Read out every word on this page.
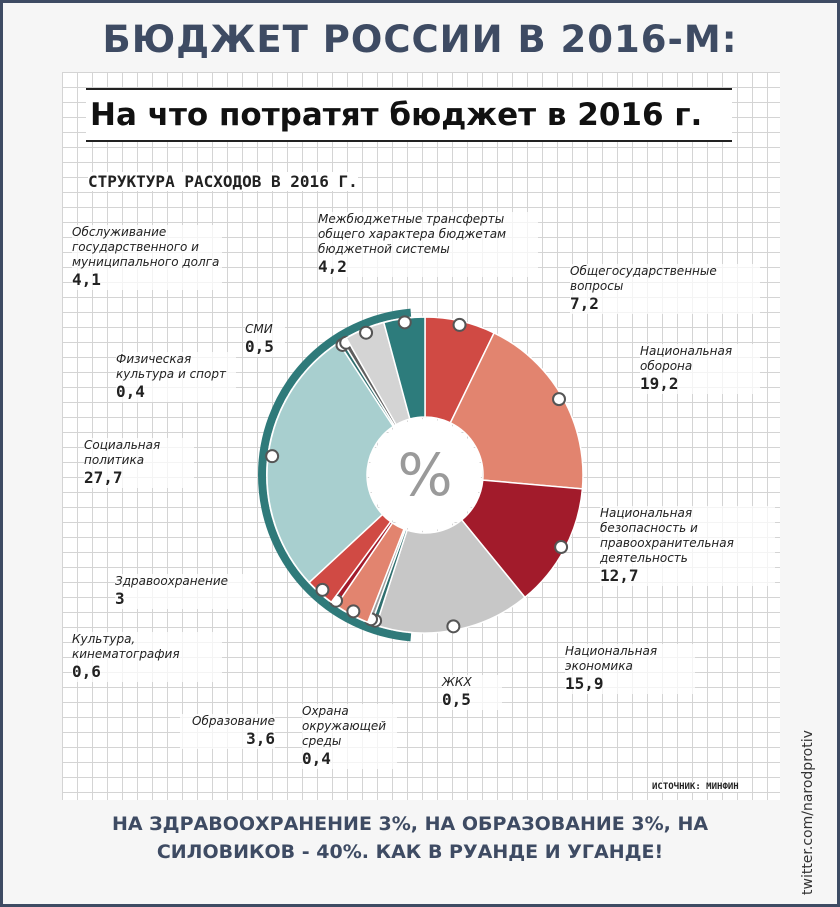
БЮДЖЕТ РОССИИ В 2016-М:
На что потратят бюджет в 2016 г.
СТРУКТУРА РАСХОДОВ В 2016 Г.
%
Общегосударственные вопросы
7,2
Национальная оборона
19,2
Национальная безопасность и правоохранительная деятельность
12,7
Национальная экономика
15,9
ЖКХ
0,5
Охрана окружающей среды
0,4
Образование
3,6
Культура, кинематография
0,6
Здравоохранение
3
Социальная политика
27,7
Физическая культура и спорт
0,4
СМИ
0,5
Обслуживание государственного и муниципального долга
4,1
Межбюджетные трансферты общего характера бюджетам бюджетной системы
4,2
ИСТОЧНИК: МИНФИН
НА ЗДРАВООХРАНЕНИЕ 3%, НА ОБРАЗОВАНИЕ 3%, НА СИЛОВИКОВ - 40%. КАК В РУАНДЕ И УГАНДЕ!	twitter.com/narodprotiv
